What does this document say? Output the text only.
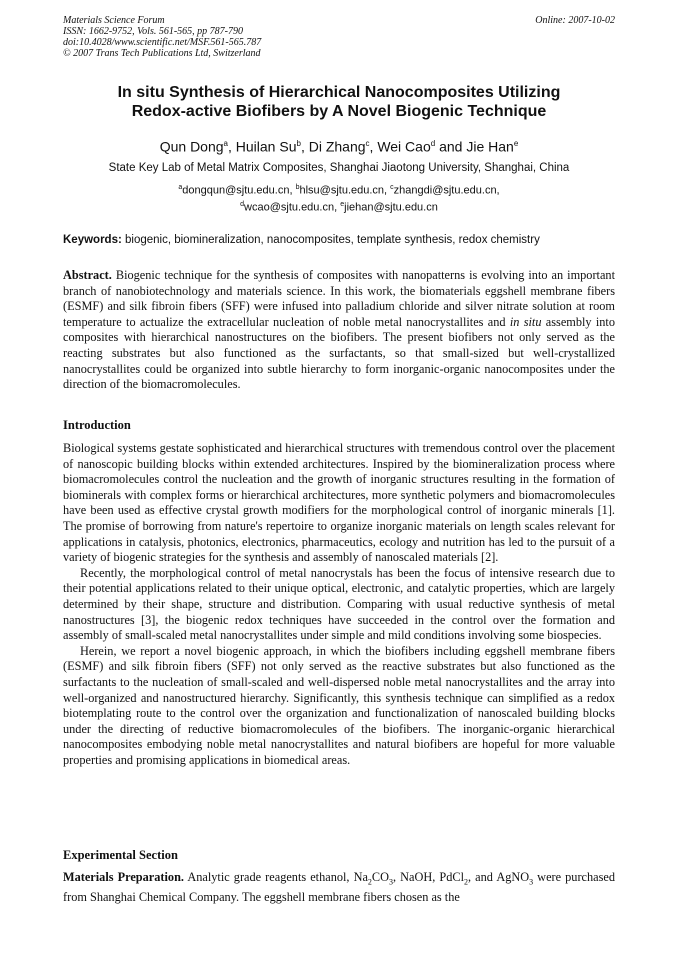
Materials Science Forum
ISSN: 1662-9752, Vols. 561-565, pp 787-790
doi:10.4028/www.scientific.net/MSF.561-565.787
© 2007 Trans Tech Publications Ltd, Switzerland
Online: 2007-10-02
In situ Synthesis of Hierarchical Nanocomposites Utilizing
Redox-active Biofibers by A Novel Biogenic Technique
Qun Dong$^a$, Huilan Su$^b$, Di Zhang$^c$, Wei Cao$^d$ and Jie Han$^e$
State Key Lab of Metal Matrix Composites, Shanghai Jiaotong University, Shanghai, China
$^a$dongqun@sjtu.edu.cn, $^b$hlsu@sjtu.edu.cn, $^c$zhangdi@sjtu.edu.cn,
$^d$wcao@sjtu.edu.cn, $^e$jiehan@sjtu.edu.cn
Keywords: biogenic, biomineralization, nanocomposites, template synthesis, redox chemistry

Abstract. Biogenic technique for the synthesis of composites with nanopatterns is evolving into an important branch of nanobiotechnology and materials science. In this work, the biomaterials eggshell membrane fibers (ESMF) and silk fibroin fibers (SFF) were infused into palladium chloride and silver nitrate solution at room temperature to actualize the extracellular nucleation of noble metal nanocrystallites and in situ assembly into composites with hierarchical nanostructures on the biofibers. The present biofibers not only served as the reacting substrates but also functioned as the surfactants, so that small-sized but well-crystallized nanocrystallites could be organized into subtle hierarchy to form inorganic-organic nanocomposites under the direction of the biomacromolecules.

Introduction

Biological systems gestate sophisticated and hierarchical structures with tremendous control over the placement of nanoscopic building blocks within extended architectures. Inspired by the biomineralization process where biomacromolecules control the nucleation and the growth of inorganic structures resulting in the formation of biominerals with complex forms or hierarchical architectures, more synthetic polymers and biomacromolecules have been used as effective crystal growth modifiers for the morphological control of inorganic minerals [1]. The promise of borrowing from nature's repertoire to organize inorganic materials on length scales relevant for applications in catalysis, photonics, electronics, pharmaceutics, ecology and nutrition has led to the pursuit of a variety of biogenic strategies for the synthesis and assembly of nanoscaled materials [2].

Recently, the morphological control of metal nanocrystals has been the focus of intensive research due to their potential applications related to their unique optical, electronic, and catalytic properties, which are largely determined by their shape, structure and distribution. Comparing with usual reductive synthesis of metal nanostructures [3], the biogenic redox techniques have succeeded in the control over the formation and assembly of small-scaled metal nanocrystallites under simple and mild conditions involving some biospecies.

Herein, we report a novel biogenic approach, in which the biofibers including eggshell membrane fibers (ESMF) and silk fibroin fibers (SFF) not only served as the reactive substrates but also functioned as the surfactants to the nucleation of small-scaled and well-dispersed noble metal nanocrystallites and the array into well-organized and nanostructured hierarchy. Significantly, this synthesis technique can simplified as a redox biotemplating route to the control over the organization and functionalization of nanoscaled building blocks under the directing of reductive biomacromolecules of the biofibers. The inorganic-organic hierarchical nanocomposites embodying noble metal nanocrystallites and natural biofibers are hopeful for more valuable properties and promising applications in biomedical areas.

Experimental Section

Materials Preparation. Analytic grade reagents ethanol, $Na_2CO_3$, NaOH, PdCl$_2$, and AgNO$_3$ were purchased from Shanghai Chemical Company. The eggshell membrane fibers chosen as the
